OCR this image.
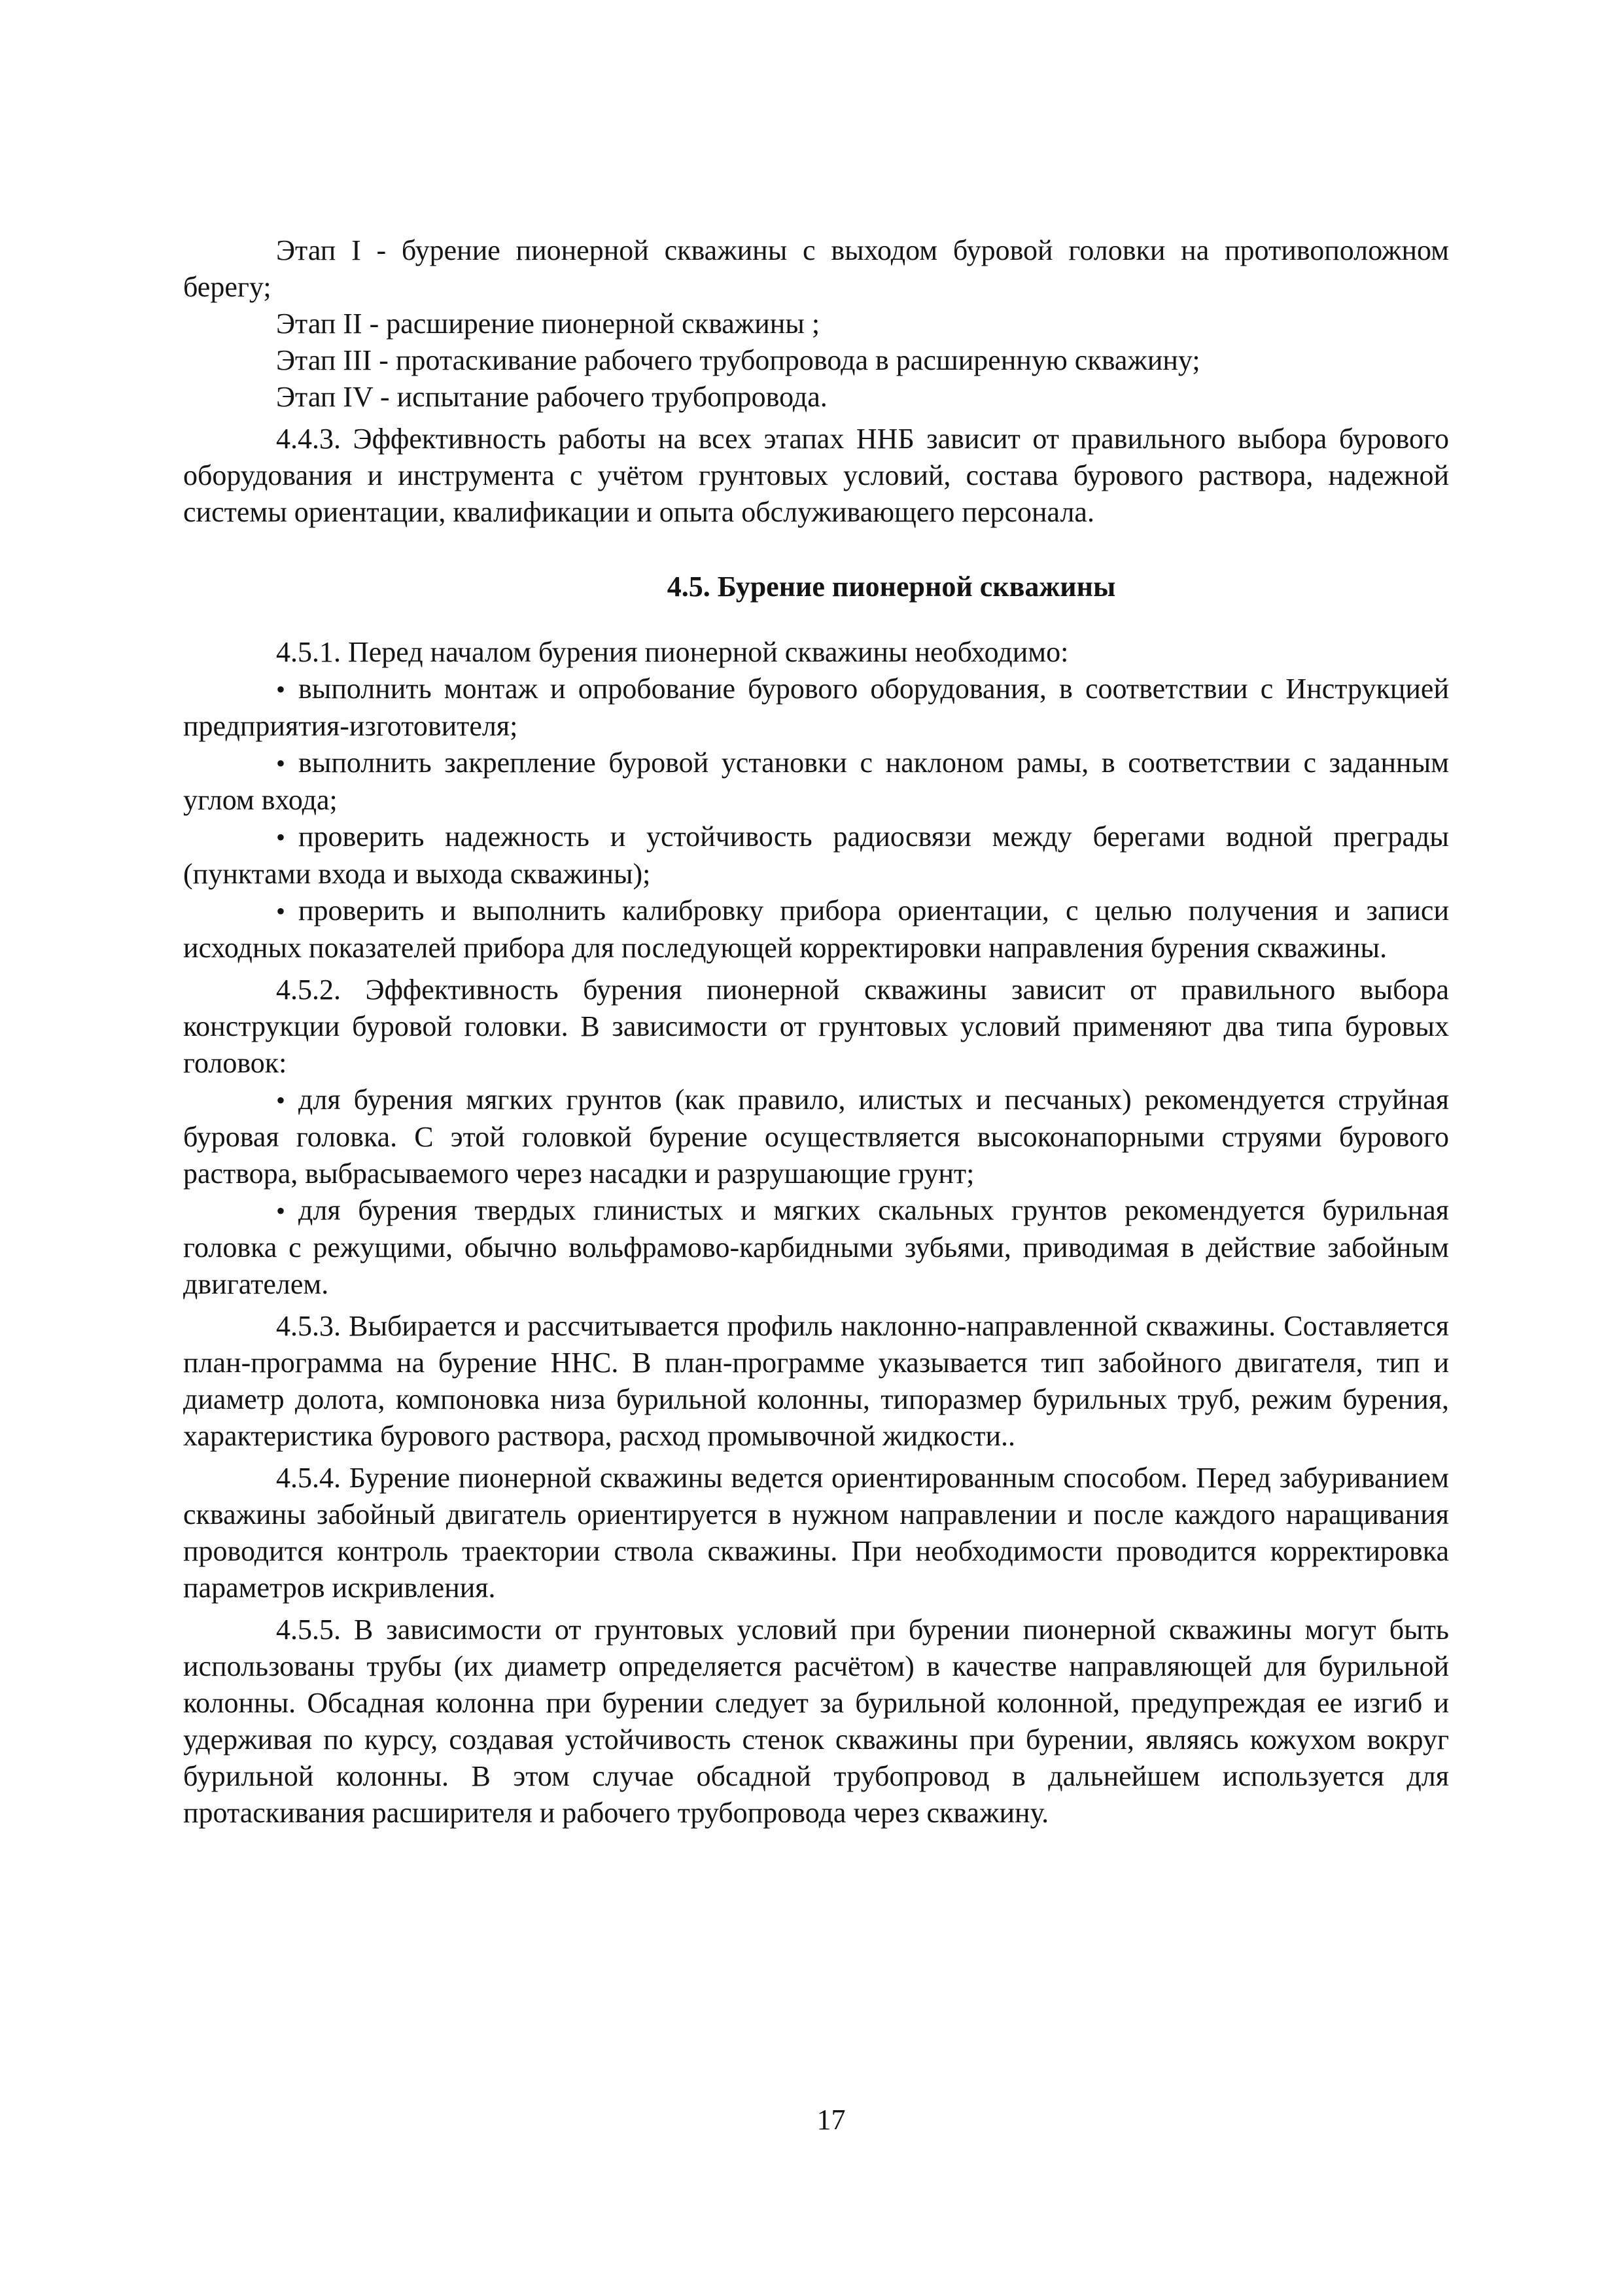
Этап I - бурение пионерной скважины с выходом буровой головки на противоположном берегу;

Этап II - расширение пионерной скважины ;

Этап III - протаскивание рабочего трубопровода в расширенную скважину;

Этап IV - испытание рабочего трубопровода.

4.4.3. Эффективность работы на всех этапах ННБ зависит от правильного выбора бурового оборудования и инструмента с учётом грунтовых условий, состава бурового раствора, надежной системы ориентации, квалификации и опыта обслуживающего персонала.

4.5. Бурение пионерной скважины

4.5.1. Перед началом бурения пионерной скважины необходимо:

• выполнить монтаж и опробование бурового оборудования, в соответствии с Инструкцией предприятия-изготовителя;

• выполнить закрепление буровой установки с наклоном рамы, в соответствии с заданным углом входа;

• проверить надежность и устойчивость радиосвязи между берегами водной преграды (пунктами входа и выхода скважины);

• проверить и выполнить калибровку прибора ориентации, с целью получения и записи исходных показателей прибора для последующей корректировки направления бурения скважины.

4.5.2. Эффективность бурения пионерной скважины зависит от правильного выбора конструкции буровой головки. В зависимости от грунтовых условий применяют два типа буровых головок:

• для бурения мягких грунтов (как правило, илистых и песчаных) рекомендуется струйная буровая головка. С этой головкой бурение осуществляется высоконапорными струями бурового раствора, выбрасываемого через насадки и разрушающие грунт;

• для бурения твердых глинистых и мягких скальных грунтов рекомендуется бурильная головка с режущими, обычно вольфрамово-карбидными зубьями, приводимая в действие забойным двигателем.

4.5.3. Выбирается и рассчитывается профиль наклонно-направленной скважины. Составляется план-программа на бурение ННС. В план-программе указывается тип забойного двигателя, тип и диаметр долота, компоновка низа бурильной колонны, типоразмер бурильных труб, режим бурения, характеристика бурового раствора, расход промывочной жидкости..

4.5.4. Бурение пионерной скважины ведется ориентированным способом. Перед забуриванием скважины забойный двигатель ориентируется в нужном направлении и после каждого наращивания проводится контроль траектории ствола скважины. При необходимости проводится корректировка параметров искривления.

4.5.5. В зависимости от грунтовых условий при бурении пионерной скважины могут быть использованы трубы (их диаметр определяется расчётом) в качестве направляющей для бурильной колонны. Обсадная колонна при бурении следует за бурильной колонной, предупреждая ее изгиб и удерживая по курсу, создавая устойчивость стенок скважины при бурении, являясь кожухом вокруг бурильной колонны. В этом случае обсадной трубопровод в дальнейшем используется для протаскивания расширителя и рабочего трубопровода через скважину.

17
